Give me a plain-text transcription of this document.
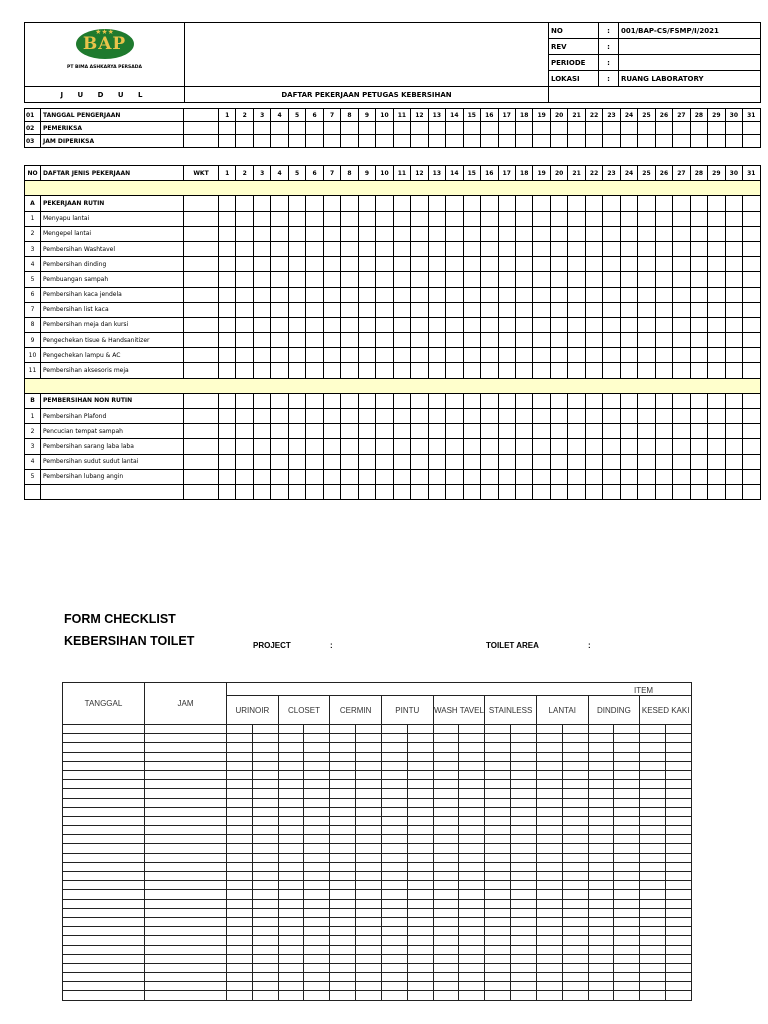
★★★
BAP
PT BIMA ASHKARYA PERSADA		NO	:	001/BAP-CS/FSMP/I/2021
		REV	:	
		PERIODE	:	
		LOKASI	:	RUANG LABORATORY
J U D U L	DAFTAR PEKERJAAN PETUGAS KEBERSIHAN			
01	TANGGAL PENGERJAAN		1	2	3	4	5	6	7	8	9	10	11	12	13	14	15	16	17	18	19	20	21	22	23	24	25	26	27	28	29	30	31
02	PEMERIKSA																																
03	JAM DIPERIKSA																																
NO	DAFTAR JENIS PEKERJAAN	WKT	1	2	3	4	5	6	7	8	9	10	11	12	13	14	15	16	17	18	19	20	21	22	23	24	25	26	27	28	29	30	31

A	PEKERJAAN RUTIN																																
1	Menyapu lantai																																
2	Mengepel lantai																																
3	Pembersihan Washtavel																																
4	Pembersihan dinding																																
5	Pembuangan sampah																																
6	Pembersihan kaca jendela																																
7	Pembersihan list kaca																																
8	Pembersihan meja dan kursi																																
9	Pengechekan tisue & Handsanitizer																																
10	Pengechekan lampu & AC																																
11	Pembersihan aksesoris meja																																

B	PEMBERSIHAN NON RUTIN																																
1	Pembersihan Plafond																																
2	Pencucian tempat sampah																																
3	Pembersihan sarang laba laba																																
4	Pembersihan sudut sudut lantai																																
5	Pembersihan lubang angin																																

FORM CHECKLIST
KEBERSIHAN TOILET	PROJECT	:	TOILET AREA	:
TANGGAL	JAM	ITEM																	
		URINOIR		CLOSET		CERMIN		PINTU		WASH TAVEL		STAINLESS		LANTAI		DINDING		KESED KAKI	
